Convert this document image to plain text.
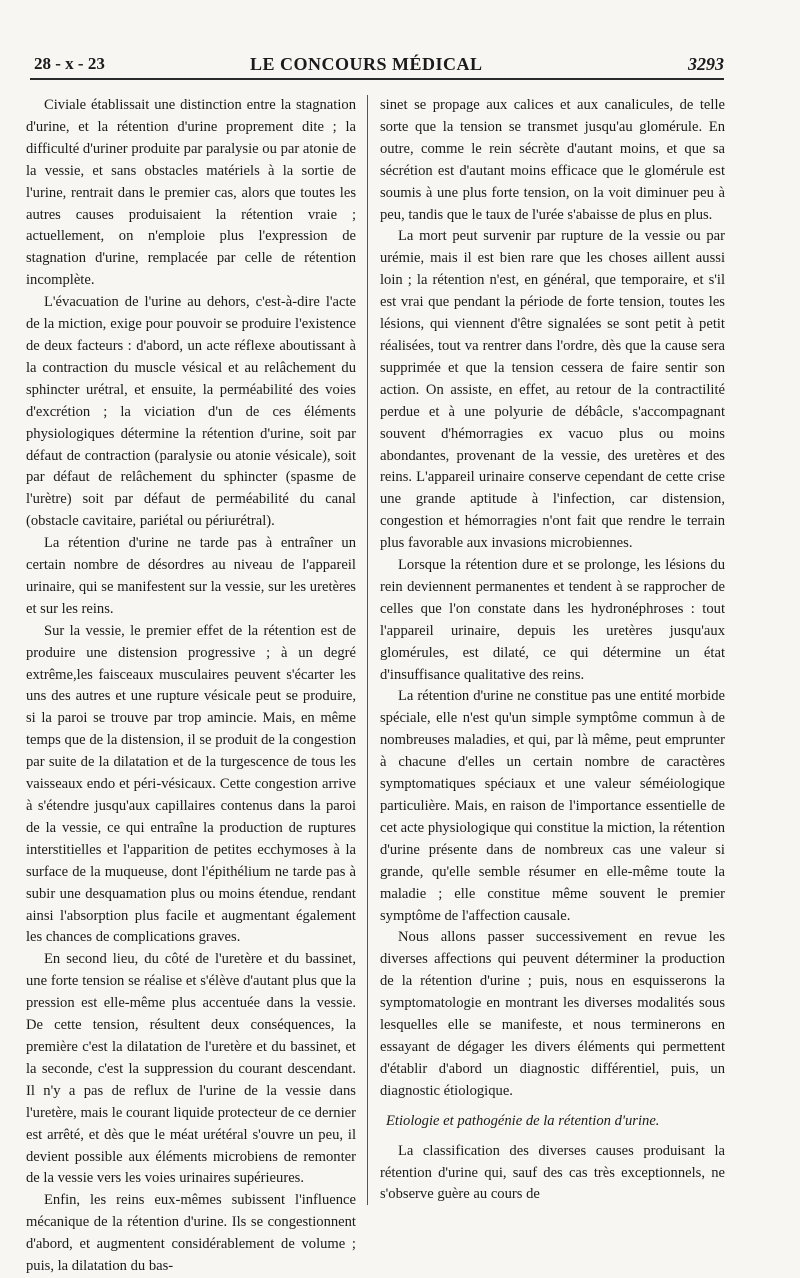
28 - x - 23	LE CONCOURS MÉDICAL	3293

Civiale établissait une distinction entre la stagnation d'urine, et la rétention d'urine proprement dite ; la difficulté d'uriner produite par paralysie ou par atonie de la vessie, et sans obstacles matériels à la sortie de l'urine, rentrait dans le premier cas, alors que toutes les autres causes produisaient la rétention vraie ; actuellement, on n'emploie plus l'expression de stagnation d'urine, remplacée par celle de rétention incomplète.

L'évacuation de l'urine au dehors, c'est-à-dire l'acte de la miction, exige pour pouvoir se produire l'existence de deux facteurs : d'abord, un acte réflexe aboutissant à la contraction du muscle vésical et au relâchement du sphincter urétral, et ensuite, la perméabilité des voies d'excrétion ; la viciation d'un de ces éléments physiologiques détermine la rétention d'urine, soit par défaut de contraction (paralysie ou atonie vésicale), soit par défaut de relâchement du sphincter (spasme de l'urètre) soit par défaut de perméabilité du canal (obstacle cavitaire, pariétal ou périurétral).

La rétention d'urine ne tarde pas à entraîner un certain nombre de désordres au niveau de l'appareil urinaire, qui se manifestent sur la vessie, sur les uretères et sur les reins.

Sur la vessie, le premier effet de la rétention est de produire une distension progressive ; à un degré extrême,les faisceaux musculaires peuvent s'écarter les uns des autres et une rupture vésicale peut se produire, si la paroi se trouve par trop amincie. Mais, en même temps que de la distension, il se produit de la congestion par suite de la dilatation et de la turgescence de tous les vaisseaux endo et péri-vésicaux. Cette congestion arrive à s'étendre jusqu'aux capillaires contenus dans la paroi de la vessie, ce qui entraîne la production de ruptures interstitielles et l'apparition de petites ecchymoses à la surface de la muqueuse, dont l'épithélium ne tarde pas à subir une desquamation plus ou moins étendue, rendant ainsi l'absorption plus facile et augmentant également les chances de complications graves.

En second lieu, du côté de l'uretère et du bassinet, une forte tension se réalise et s'élève d'autant plus que la pression est elle-même plus accentuée dans la vessie. De cette tension, résultent deux conséquences, la première c'est la dilatation de l'uretère et du bassinet, et la seconde, c'est la suppression du courant descendant. Il n'y a pas de reflux de l'urine de la vessie dans l'uretère, mais le courant liquide protecteur de ce dernier est arrêté, et dès que le méat urétéral s'ouvre un peu, il devient possible aux éléments microbiens de remonter de la vessie vers les voies urinaires supérieures.

Enfin, les reins eux-mêmes subissent l'influence mécanique de la rétention d'urine. Ils se congestionnent d'abord, et augmentent considérablement de volume ; puis, la dilatation du bas-

sinet se propage aux calices et aux canalicules, de telle sorte que la tension se transmet jusqu'au glomérule. En outre, comme le rein sécrète d'autant moins, et que sa sécrétion est d'autant moins efficace que le glomérule est soumis à une plus forte tension, on la voit diminuer peu à peu, tandis que le taux de l'urée s'abaisse de plus en plus.

La mort peut survenir par rupture de la vessie ou par urémie, mais il est bien rare que les choses aillent aussi loin ; la rétention n'est, en général, que temporaire, et s'il est vrai que pendant la période de forte tension, toutes les lésions, qui viennent d'être signalées se sont petit à petit réalisées, tout va rentrer dans l'ordre, dès que la cause sera supprimée et que la tension cessera de faire sentir son action. On assiste, en effet, au retour de la contractilité perdue et à une polyurie de débâcle, s'accompagnant souvent d'hémorragies ex vacuo plus ou moins abondantes, provenant de la vessie, des uretères et des reins. L'appareil urinaire conserve cependant de cette crise une grande aptitude à l'infection, car distension, congestion et hémorragies n'ont fait que rendre le terrain plus favorable aux invasions microbiennes.

Lorsque la rétention dure et se prolonge, les lésions du rein deviennent permanentes et tendent à se rapprocher de celles que l'on constate dans les hydronéphroses : tout l'appareil urinaire, depuis les uretères jusqu'aux glomérules, est dilaté, ce qui détermine un état d'insuffisance qualitative des reins.

La rétention d'urine ne constitue pas une entité morbide spéciale, elle n'est qu'un simple symptôme commun à de nombreuses maladies, et qui, par là même, peut emprunter à chacune d'elles un certain nombre de caractères symptomatiques spéciaux et une valeur séméiologique particulière. Mais, en raison de l'importance essentielle de cet acte physiologique qui constitue la miction, la rétention d'urine présente dans de nombreux cas une valeur si grande, qu'elle semble résumer en elle-même toute la maladie ; elle constitue même souvent le premier symptôme de l'affection causale.

Nous allons passer successivement en revue les diverses affections qui peuvent déterminer la production de la rétention d'urine ; puis, nous en esquisserons la symptomatologie en montrant les diverses modalités sous lesquelles elle se manifeste, et nous terminerons en essayant de dégager les divers éléments qui permettent d'établir d'abord un diagnostic différentiel, puis, un diagnostic étiologique.

Etiologie et pathogénie de la rétention d'urine.

La classification des diverses causes produisant la rétention d'urine qui, sauf des cas très exceptionnels, ne s'observe guère au cours de
